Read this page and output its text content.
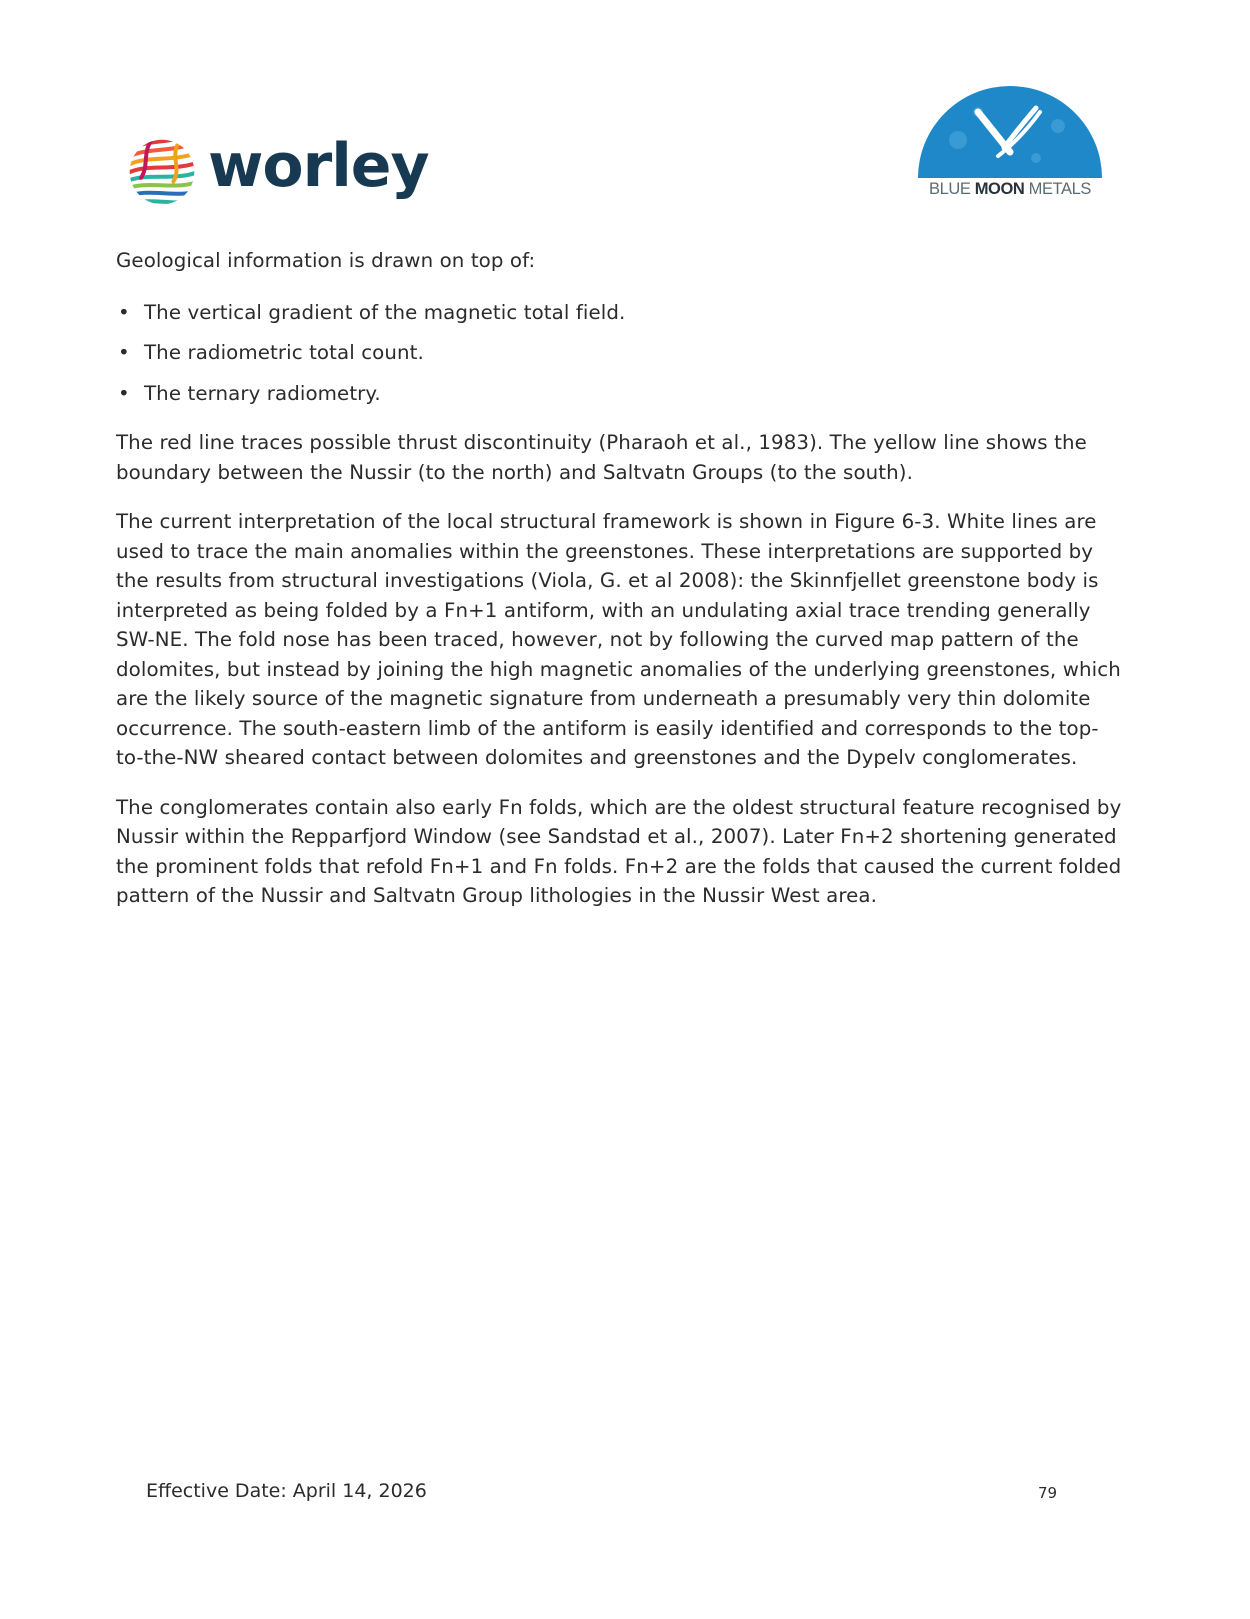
worley	BLUE MOON METALS

Geological information is drawn on top of:

• The vertical gradient of the magnetic total field.
• The radiometric total count.
• The ternary radiometry.

The red line traces possible thrust discontinuity (Pharaoh et al., 1983). The yellow line shows the boundary between the Nussir (to the north) and Saltvatn Groups (to the south).

The current interpretation of the local structural framework is shown in Figure 6-3. White lines are used to trace the main anomalies within the greenstones. These interpretations are supported by the results from structural investigations (Viola, G. et al 2008): the Skinnfjellet greenstone body is interpreted as being folded by a Fn+1 antiform, with an undulating axial trace trending generally SW-NE. The fold nose has been traced, however, not by following the curved map pattern of the dolomites, but instead by joining the high magnetic anomalies of the underlying greenstones, which are the likely source of the magnetic signature from underneath a presumably very thin dolomite occurrence. The south-eastern limb of the antiform is easily identified and corresponds to the top-to-the-NW sheared contact between dolomites and greenstones and the Dypelv conglomerates.

The conglomerates contain also early Fn folds, which are the oldest structural feature recognised by Nussir within the Repparfjord Window (see Sandstad et al., 2007). Later Fn+2 shortening generated the prominent folds that refold Fn+1 and Fn folds. Fn+2 are the folds that caused the current folded pattern of the Nussir and Saltvatn Group lithologies in the Nussir West area.

Effective Date: April 14, 2026	79
